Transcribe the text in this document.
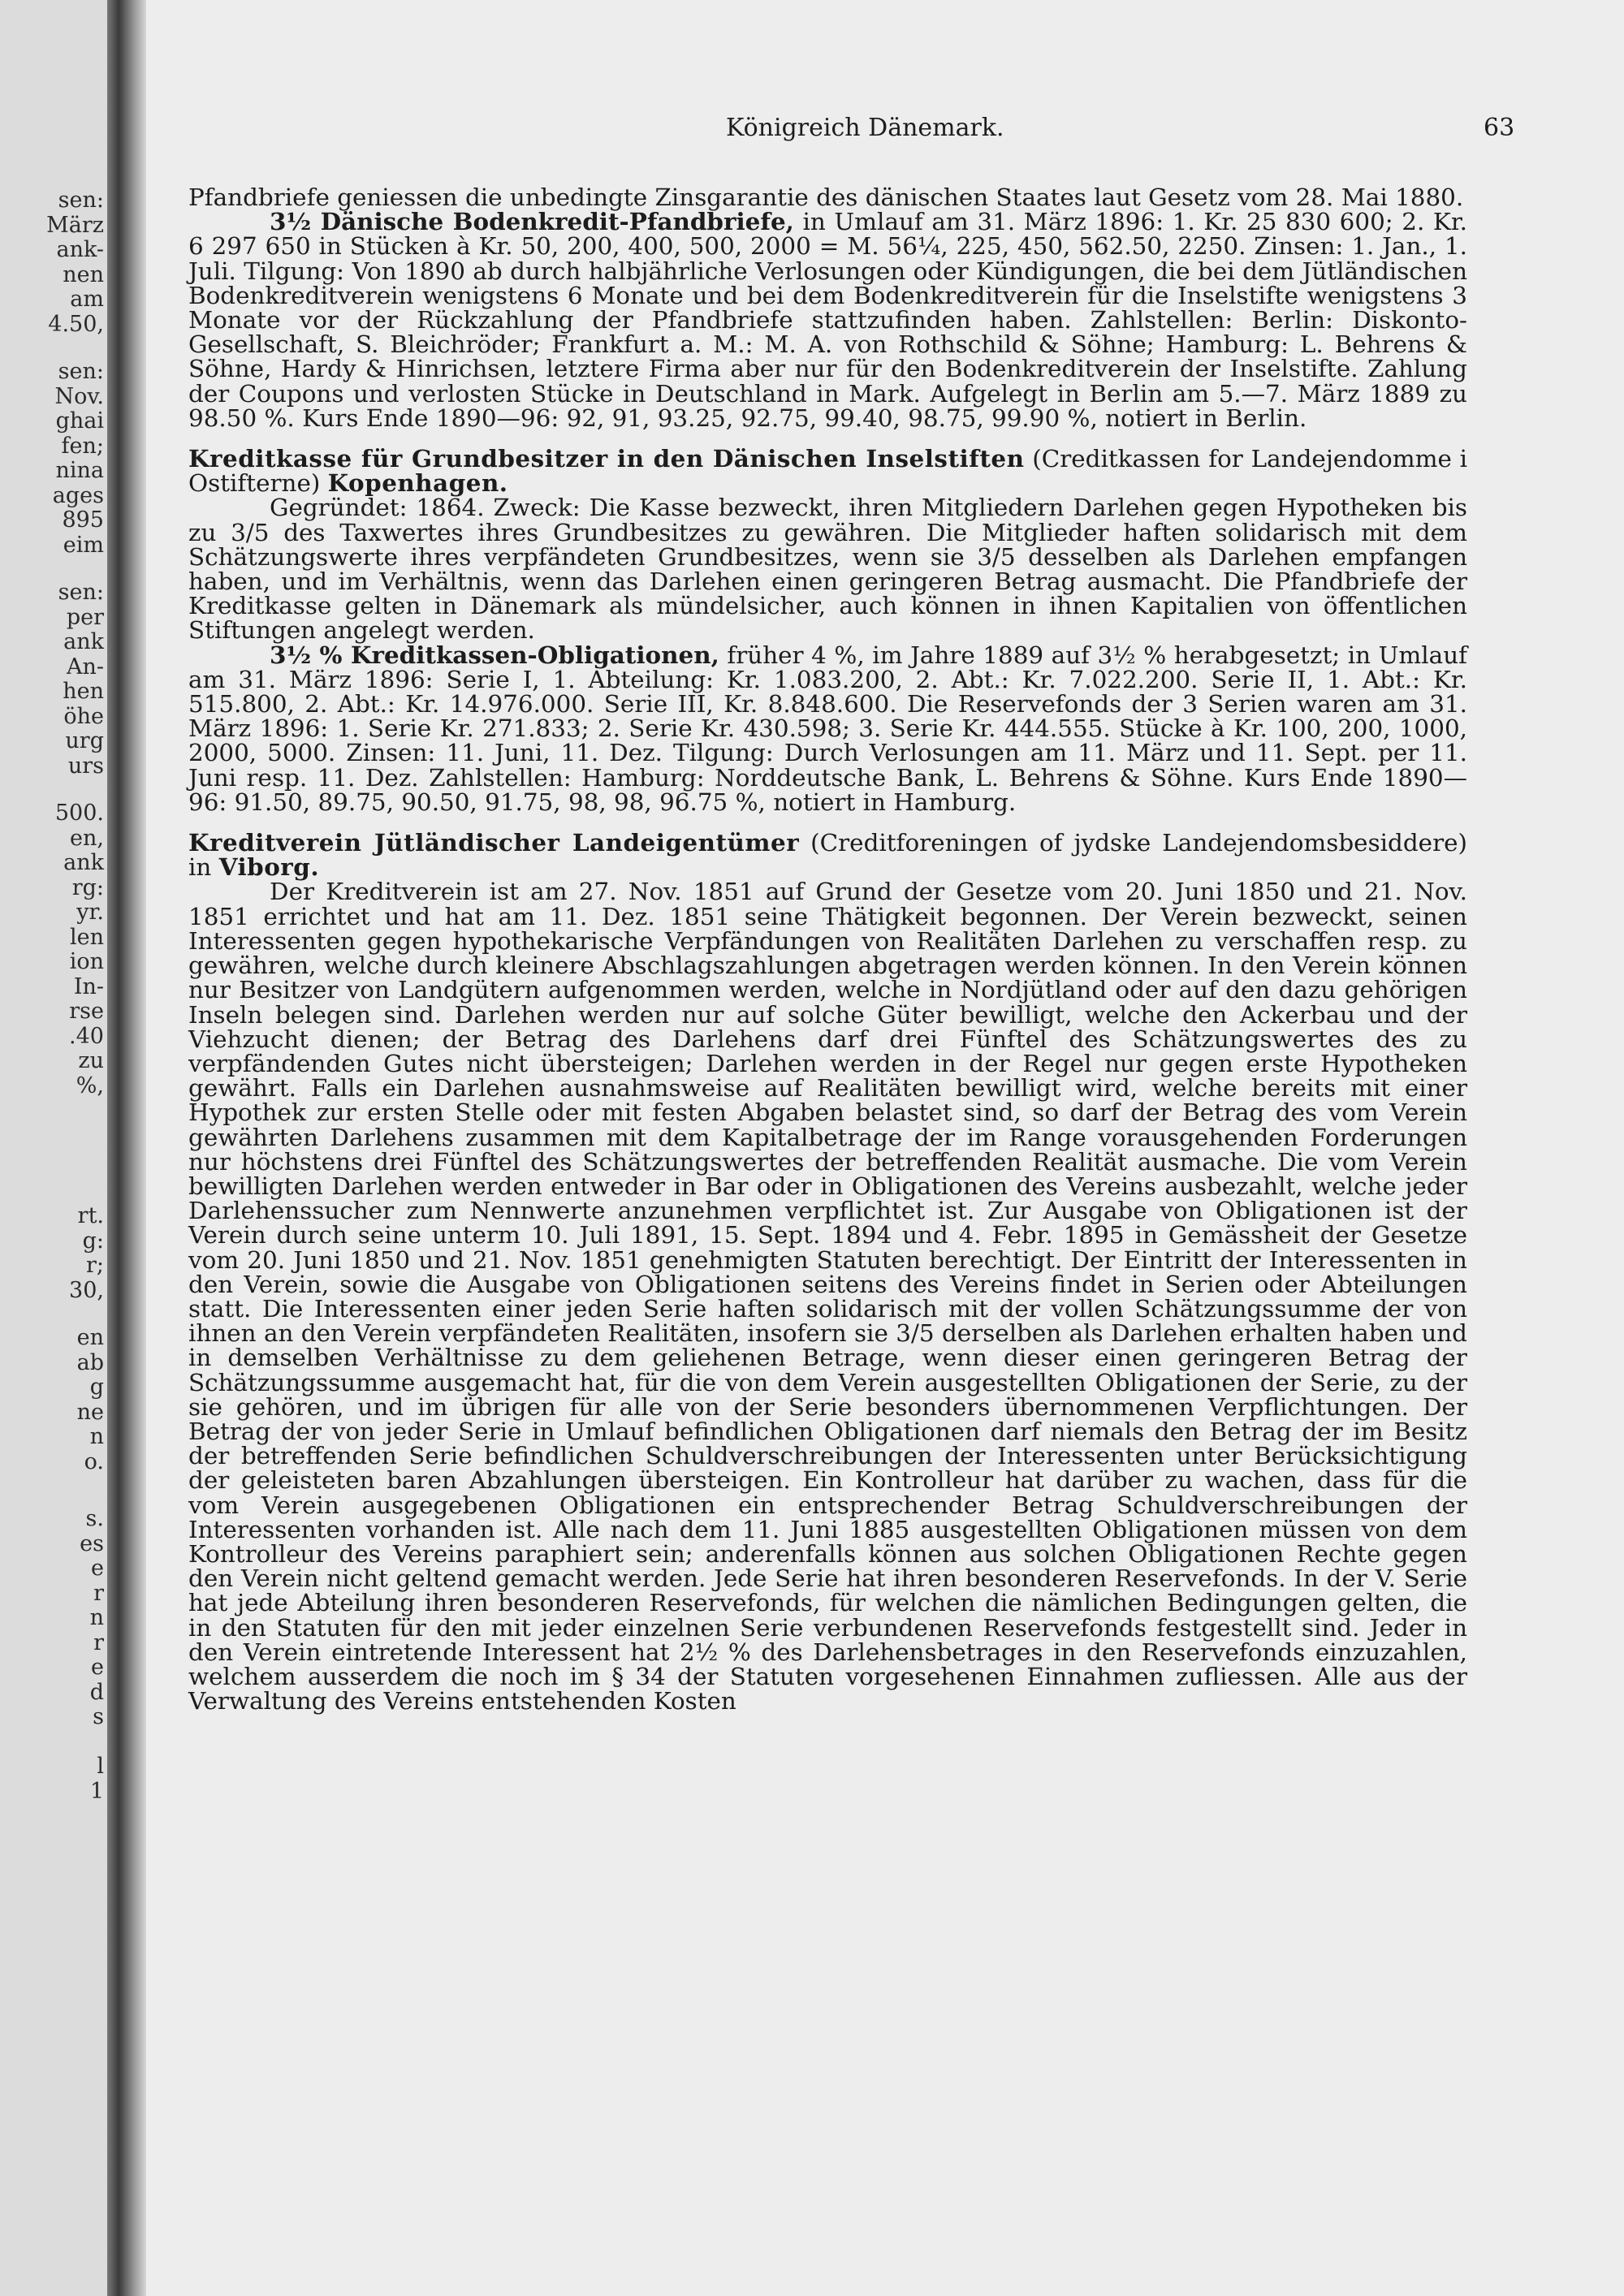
sen:
März
ank-
nen
am
4.50,
sen:
Nov.
ghai
fen;
nina
ages
895
eim
sen:
per
ank
An-
hen
öhe
urg
urs
500.
en,
ank
rg:
yr.
len
ion
In-
rse
.40
zu
%,
rt.
g:
r;
30,
en
ab
g
ne
n
o.
s.
es
e
r
n
r
e
d
s
l
1
Königreich Dänemark.	63

Pfandbriefe geniessen die unbedingte Zinsgarantie des dänischen Staates laut Gesetz vom 28. Mai 1880.

3½ Dänische Bodenkredit-Pfandbriefe, in Umlauf am 31. März 1896: 1. Kr. 25 830 600; 2. Kr. 6 297 650 in Stücken à Kr. 50, 200, 400, 500, 2000 = M. 56¼, 225, 450, 562.50, 2250. Zinsen: 1. Jan., 1. Juli. Tilgung: Von 1890 ab durch halbjährliche Verlosungen oder Kündigungen, die bei dem Jütländischen Bodenkreditverein wenigstens 6 Monate und bei dem Bodenkreditverein für die Inselstifte wenigstens 3 Monate vor der Rückzahlung der Pfandbriefe stattzufinden haben. Zahlstellen: Berlin: Diskonto-Gesellschaft, S. Bleichröder; Frankfurt a. M.: M. A. von Rothschild & Söhne; Hamburg: L. Behrens & Söhne, Hardy & Hinrichsen, letztere Firma aber nur für den Bodenkreditverein der Inselstifte. Zahlung der Coupons und verlosten Stücke in Deutschland in Mark. Aufgelegt in Berlin am 5.—7. März 1889 zu 98.50 %. Kurs Ende 1890—96: 92, 91, 93.25, 92.75, 99.40, 98.75, 99.90 %, notiert in Berlin.

Kreditkasse für Grundbesitzer in den Dänischen Inselstiften (Creditkassen for Landejendomme i Ostifterne) Kopenhagen.

Gegründet: 1864. Zweck: Die Kasse bezweckt, ihren Mitgliedern Darlehen gegen Hypotheken bis zu 3/5 des Taxwertes ihres Grundbesitzes zu gewähren. Die Mitglieder haften solidarisch mit dem Schätzungswerte ihres verpfändeten Grundbesitzes, wenn sie 3/5 desselben als Darlehen empfangen haben, und im Verhältnis, wenn das Darlehen einen geringeren Betrag ausmacht. Die Pfandbriefe der Kreditkasse gelten in Dänemark als mündelsicher, auch können in ihnen Kapitalien von öffentlichen Stiftungen angelegt werden.

3½ % Kreditkassen-Obligationen, früher 4 %, im Jahre 1889 auf 3½ % herabgesetzt; in Umlauf am 31. März 1896: Serie I, 1. Abteilung: Kr. 1.083.200, 2. Abt.: Kr. 7.022.200. Serie II, 1. Abt.: Kr. 515.800, 2. Abt.: Kr. 14.976.000. Serie III, Kr. 8.848.600. Die Reservefonds der 3 Serien waren am 31. März 1896: 1. Serie Kr. 271.833; 2. Serie Kr. 430.598; 3. Serie Kr. 444.555. Stücke à Kr. 100, 200, 1000, 2000, 5000. Zinsen: 11. Juni, 11. Dez. Tilgung: Durch Verlosungen am 11. März und 11. Sept. per 11. Juni resp. 11. Dez. Zahlstellen: Hamburg: Norddeutsche Bank, L. Behrens & Söhne. Kurs Ende 1890—96: 91.50, 89.75, 90.50, 91.75, 98, 98, 96.75 %, notiert in Hamburg.

Kreditverein Jütländischer Landeigentümer (Creditforeningen of jydske Landejendomsbesiddere) in Viborg.

Der Kreditverein ist am 27. Nov. 1851 auf Grund der Gesetze vom 20. Juni 1850 und 21. Nov. 1851 errichtet und hat am 11. Dez. 1851 seine Thätigkeit begonnen. Der Verein bezweckt, seinen Interessenten gegen hypothekarische Verpfändungen von Realitäten Darlehen zu verschaffen resp. zu gewähren, welche durch kleinere Abschlagszahlungen abgetragen werden können. In den Verein können nur Besitzer von Landgütern aufgenommen werden, welche in Nordjütland oder auf den dazu gehörigen Inseln belegen sind. Darlehen werden nur auf solche Güter bewilligt, welche den Ackerbau und der Viehzucht dienen; der Betrag des Darlehens darf drei Fünftel des Schätzungswertes des zu verpfändenden Gutes nicht übersteigen; Darlehen werden in der Regel nur gegen erste Hypotheken gewährt. Falls ein Darlehen ausnahmsweise auf Realitäten bewilligt wird, welche bereits mit einer Hypothek zur ersten Stelle oder mit festen Abgaben belastet sind, so darf der Betrag des vom Verein gewährten Darlehens zusammen mit dem Kapitalbetrage der im Range vorausgehenden Forderungen nur höchstens drei Fünftel des Schätzungswertes der betreffenden Realität ausmache. Die vom Verein bewilligten Darlehen werden entweder in Bar oder in Obligationen des Vereins ausbezahlt, welche jeder Darlehenssucher zum Nennwerte anzunehmen verpflichtet ist. Zur Ausgabe von Obligationen ist der Verein durch seine unterm 10. Juli 1891, 15. Sept. 1894 und 4. Febr. 1895 in Gemässheit der Gesetze vom 20. Juni 1850 und 21. Nov. 1851 genehmigten Statuten berechtigt. Der Eintritt der Interessenten in den Verein, sowie die Ausgabe von Obligationen seitens des Vereins findet in Serien oder Abteilungen statt. Die Interessenten einer jeden Serie haften solidarisch mit der vollen Schätzungssumme der von ihnen an den Verein verpfändeten Realitäten, insofern sie 3/5 derselben als Darlehen erhalten haben und in demselben Verhältnisse zu dem geliehenen Betrage, wenn dieser einen geringeren Betrag der Schätzungssumme ausgemacht hat, für die von dem Verein ausgestellten Obligationen der Serie, zu der sie gehören, und im übrigen für alle von der Serie besonders übernommenen Verpflichtungen. Der Betrag der von jeder Serie in Umlauf befindlichen Obligationen darf niemals den Betrag der im Besitz der betreffenden Serie befindlichen Schuldverschreibungen der Interessenten unter Berücksichtigung der geleisteten baren Abzahlungen übersteigen. Ein Kontrolleur hat darüber zu wachen, dass für die vom Verein ausgegebenen Obligationen ein entsprechender Betrag Schuldverschreibungen der Interessenten vorhanden ist. Alle nach dem 11. Juni 1885 ausgestellten Obligationen müssen von dem Kontrolleur des Vereins paraphiert sein; anderenfalls können aus solchen Obligationen Rechte gegen den Verein nicht geltend gemacht werden. Jede Serie hat ihren besonderen Reservefonds. In der V. Serie hat jede Abteilung ihren besonderen Reservefonds, für welchen die nämlichen Bedingungen gelten, die in den Statuten für den mit jeder einzelnen Serie verbundenen Reservefonds festgestellt sind. Jeder in den Verein eintretende Interessent hat 2½ % des Darlehensbetrages in den Reservefonds einzuzahlen, welchem ausserdem die noch im § 34 der Statuten vorgesehenen Einnahmen zufliessen. Alle aus der Verwaltung des Vereins entstehenden Kosten
